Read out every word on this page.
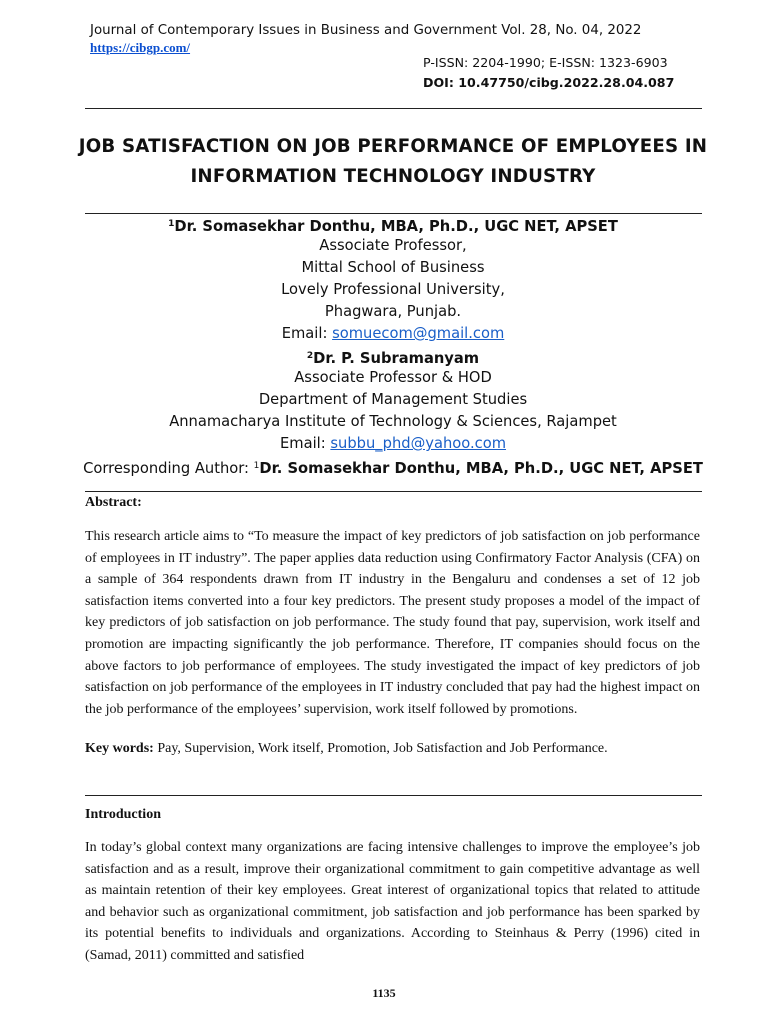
Journal of Contemporary Issues in Business and Government Vol. 28, No. 04, 2022
https://cibgp.com/
P-ISSN: 2204-1990; E-ISSN: 1323-6903
DOI: 10.47750/cibg.2022.28.04.087
JOB SATISFACTION ON JOB PERFORMANCE OF EMPLOYEES IN
INFORMATION TECHNOLOGY INDUSTRY
$^1$Dr. Somasekhar Donthu, MBA, Ph.D., UGC NET, APSET
Associate Professor,
Mittal School of Business
Lovely Professional University,
Phagwara, Punjab.
Email: somuecom@gmail.com
$^2$Dr. P. Subramanyam
Associate Professor & HOD
Department of Management Studies
Annamacharya Institute of Technology & Sciences, Rajampet
Email: subbu_phd@yahoo.com
Corresponding Author: $^1$Dr. Somasekhar Donthu, MBA, Ph.D., UGC NET, APSET
Abstract:

This research article aims to “To measure the impact of key predictors of job satisfaction on job performance of employees in IT industry”. The paper applies data reduction using Confirmatory Factor Analysis (CFA) on a sample of 364 respondents drawn from IT industry in the Bengaluru and condenses a set of 12 job satisfaction items converted into a four key predictors. The present study proposes a model of the impact of key predictors of job satisfaction on job performance. The study found that pay, supervision, work itself and promotion are impacting significantly the job performance. Therefore, IT companies should focus on the above factors to job performance of employees. The study investigated the impact of key predictors of job satisfaction on job performance of the employees in IT industry concluded that pay had the highest impact on the job performance of the employees’ supervision, work itself followed by promotions.

Key words: Pay, Supervision, Work itself, Promotion, Job Satisfaction and Job Performance.
Introduction

In today’s global context many organizations are facing intensive challenges to improve the employee’s job satisfaction and as a result, improve their organizational commitment to gain competitive advantage as well as maintain retention of their key employees. Great interest of organizational topics that related to attitude and behavior such as organizational commitment, job satisfaction and job performance has been sparked by its potential benefits to individuals and organizations. According to Steinhaus & Perry (1996) cited in (Samad, 2011) committed and satisfied

1135
